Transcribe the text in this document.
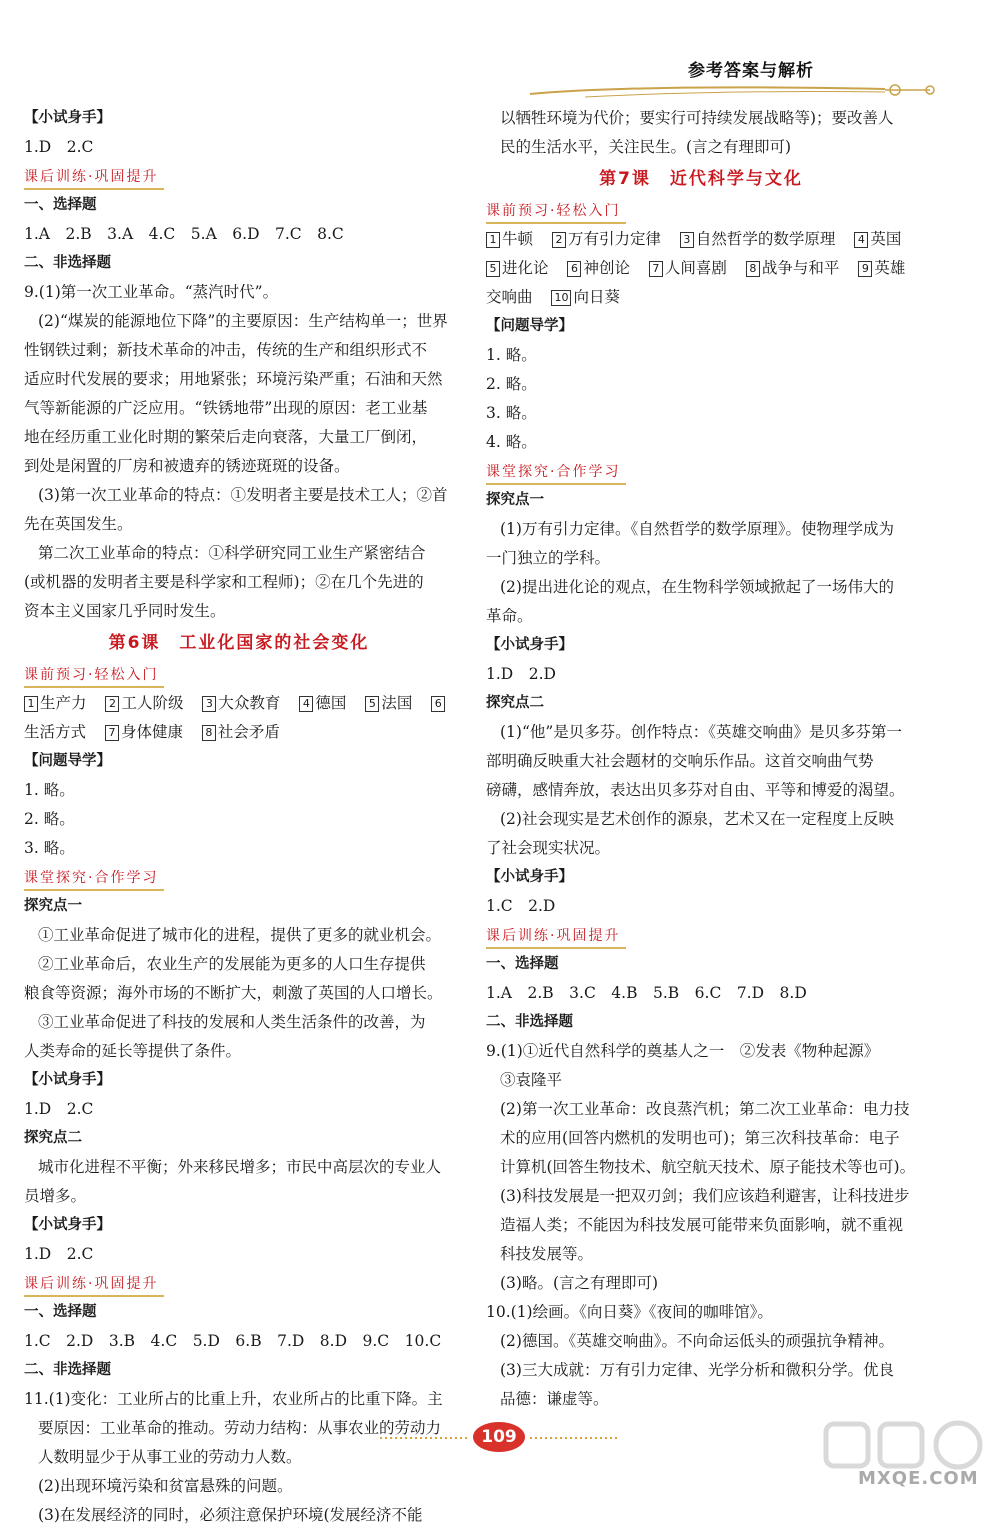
参考答案与解析
【小试身手】
1.D　2.C
课后训练·巩固提升
一、选择题
1.A　2.B　3.A　4.C　5.A　6.D　7.C　8.C
二、非选择题
9.(1)第一次工业革命。“蒸汽时代”。
(2)“煤炭的能源地位下降”的主要原因：生产结构单一；世界
性钢铁过剩；新技术革命的冲击，传统的生产和组织形式不
适应时代发展的要求；用地紧张；环境污染严重；石油和天然
气等新能源的广泛应用。“铁锈地带”出现的原因：老工业基
地在经历重工业化时期的繁荣后走向衰落，大量工厂倒闭，
到处是闲置的厂房和被遗弃的锈迹斑斑的设备。
(3)第一次工业革命的特点：①发明者主要是技术工人；②首
先在英国发生。
第二次工业革命的特点：①科学研究同工业生产紧密结合
(或机器的发明者主要是科学家和工程师)；②在几个先进的
资本主义国家几乎同时发生。
第6课　工业化国家的社会变化
课前预习·轻松入门
1 生产力 2 工人阶级 3 大众教育 4 德国 5 法国 6
生活方式 7 身体健康 8 社会矛盾
【问题导学】
1. 略。
2. 略。
3. 略。
课堂探究·合作学习
探究点一
①工业革命促进了城市化的进程，提供了更多的就业机会。
②工业革命后，农业生产的发展能为更多的人口生存提供
粮食等资源；海外市场的不断扩大，刺激了英国的人口增长。
③工业革命促进了科技的发展和人类生活条件的改善，为
人类寿命的延长等提供了条件。
【小试身手】
1.D　2.C
探究点二
城市化进程不平衡；外来移民增多；市民中高层次的专业人
员增多。
【小试身手】
1.D　2.C
课后训练·巩固提升
一、选择题
1.C　2.D　3.B　4.C　5.D　6.B　7.D　8.D　9.C　10.C
二、非选择题
11.(1)变化：工业所占的比重上升，农业所占的比重下降。主
要原因：工业革命的推动。劳动力结构：从事农业的劳动力
人数明显少于从事工业的劳动力人数。
(2)出现环境污染和贫富悬殊的问题。
(3)在发展经济的同时，必须注意保护环境(发展经济不能
以牺牲环境为代价；要实行可持续发展战略等)；要改善人
民的生活水平，关注民生。(言之有理即可)
第7课　近代科学与文化
课前预习·轻松入门
1 牛顿 2 万有引力定律 3 自然哲学的数学原理 4 英国
5 进化论 6 神创论 7 人间喜剧 8 战争与和平 9 英雄
交响曲 10 向日葵
【问题导学】
1. 略。
2. 略。
3. 略。
4. 略。
课堂探究·合作学习
探究点一
(1)万有引力定律。《自然哲学的数学原理》。使物理学成为
一门独立的学科。
(2)提出进化论的观点，在生物科学领域掀起了一场伟大的
革命。
【小试身手】
1.D　2.D
探究点二
(1)“他”是贝多芬。创作特点：《英雄交响曲》是贝多芬第一
部明确反映重大社会题材的交响乐作品。这首交响曲气势
磅礴，感情奔放，表达出贝多芬对自由、平等和博爱的渴望。
(2)社会现实是艺术创作的源泉，艺术又在一定程度上反映
了社会现实状况。
【小试身手】
1.C　2.D
课后训练·巩固提升
一、选择题
1.A　2.B　3.C　4.B　5.B　6.C　7.D　8.D
二、非选择题
9.(1)①近代自然科学的奠基人之一　②发表《物种起源》
③袁隆平
(2)第一次工业革命：改良蒸汽机；第二次工业革命：电力技
术的应用(回答内燃机的发明也可)；第三次科技革命：电子
计算机(回答生物技术、航空航天技术、原子能技术等也可)。
(3)科技发展是一把双刃剑；我们应该趋利避害，让科技进步
造福人类；不能因为科技发展可能带来负面影响，就不重视
科技发展等。
(3)略。(言之有理即可)
10.(1)绘画。《向日葵》《夜间的咖啡馆》。
(2)德国。《英雄交响曲》。不向命运低头的顽强抗争精神。
(3)三大成就：万有引力定律、光学分析和微积分学。优良
品德：谦虚等。
109
MXQE.COM
